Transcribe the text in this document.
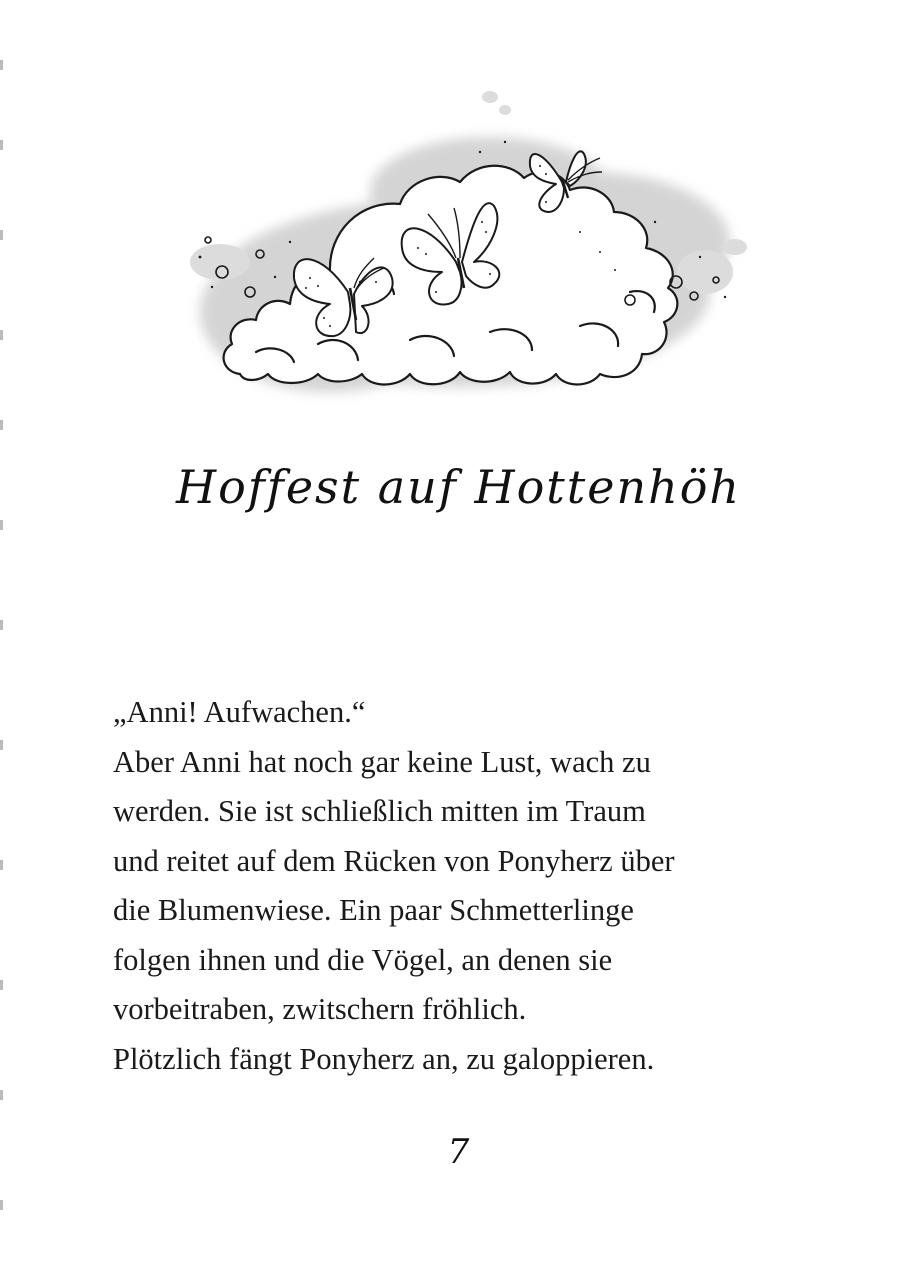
Hoffest auf Hottenhöh
„Anni! Aufwachen.“
Aber Anni hat noch gar keine Lust, wach zu
werden. Sie ist schließlich mitten im Traum
und reitet auf dem Rücken von Ponyherz über
die Blumenwiese. Ein paar Schmetterlinge
folgen ihnen und die Vögel, an denen sie
vorbeitraben, zwitschern fröhlich.
Plötzlich fängt Ponyherz an, zu galoppieren.
7
